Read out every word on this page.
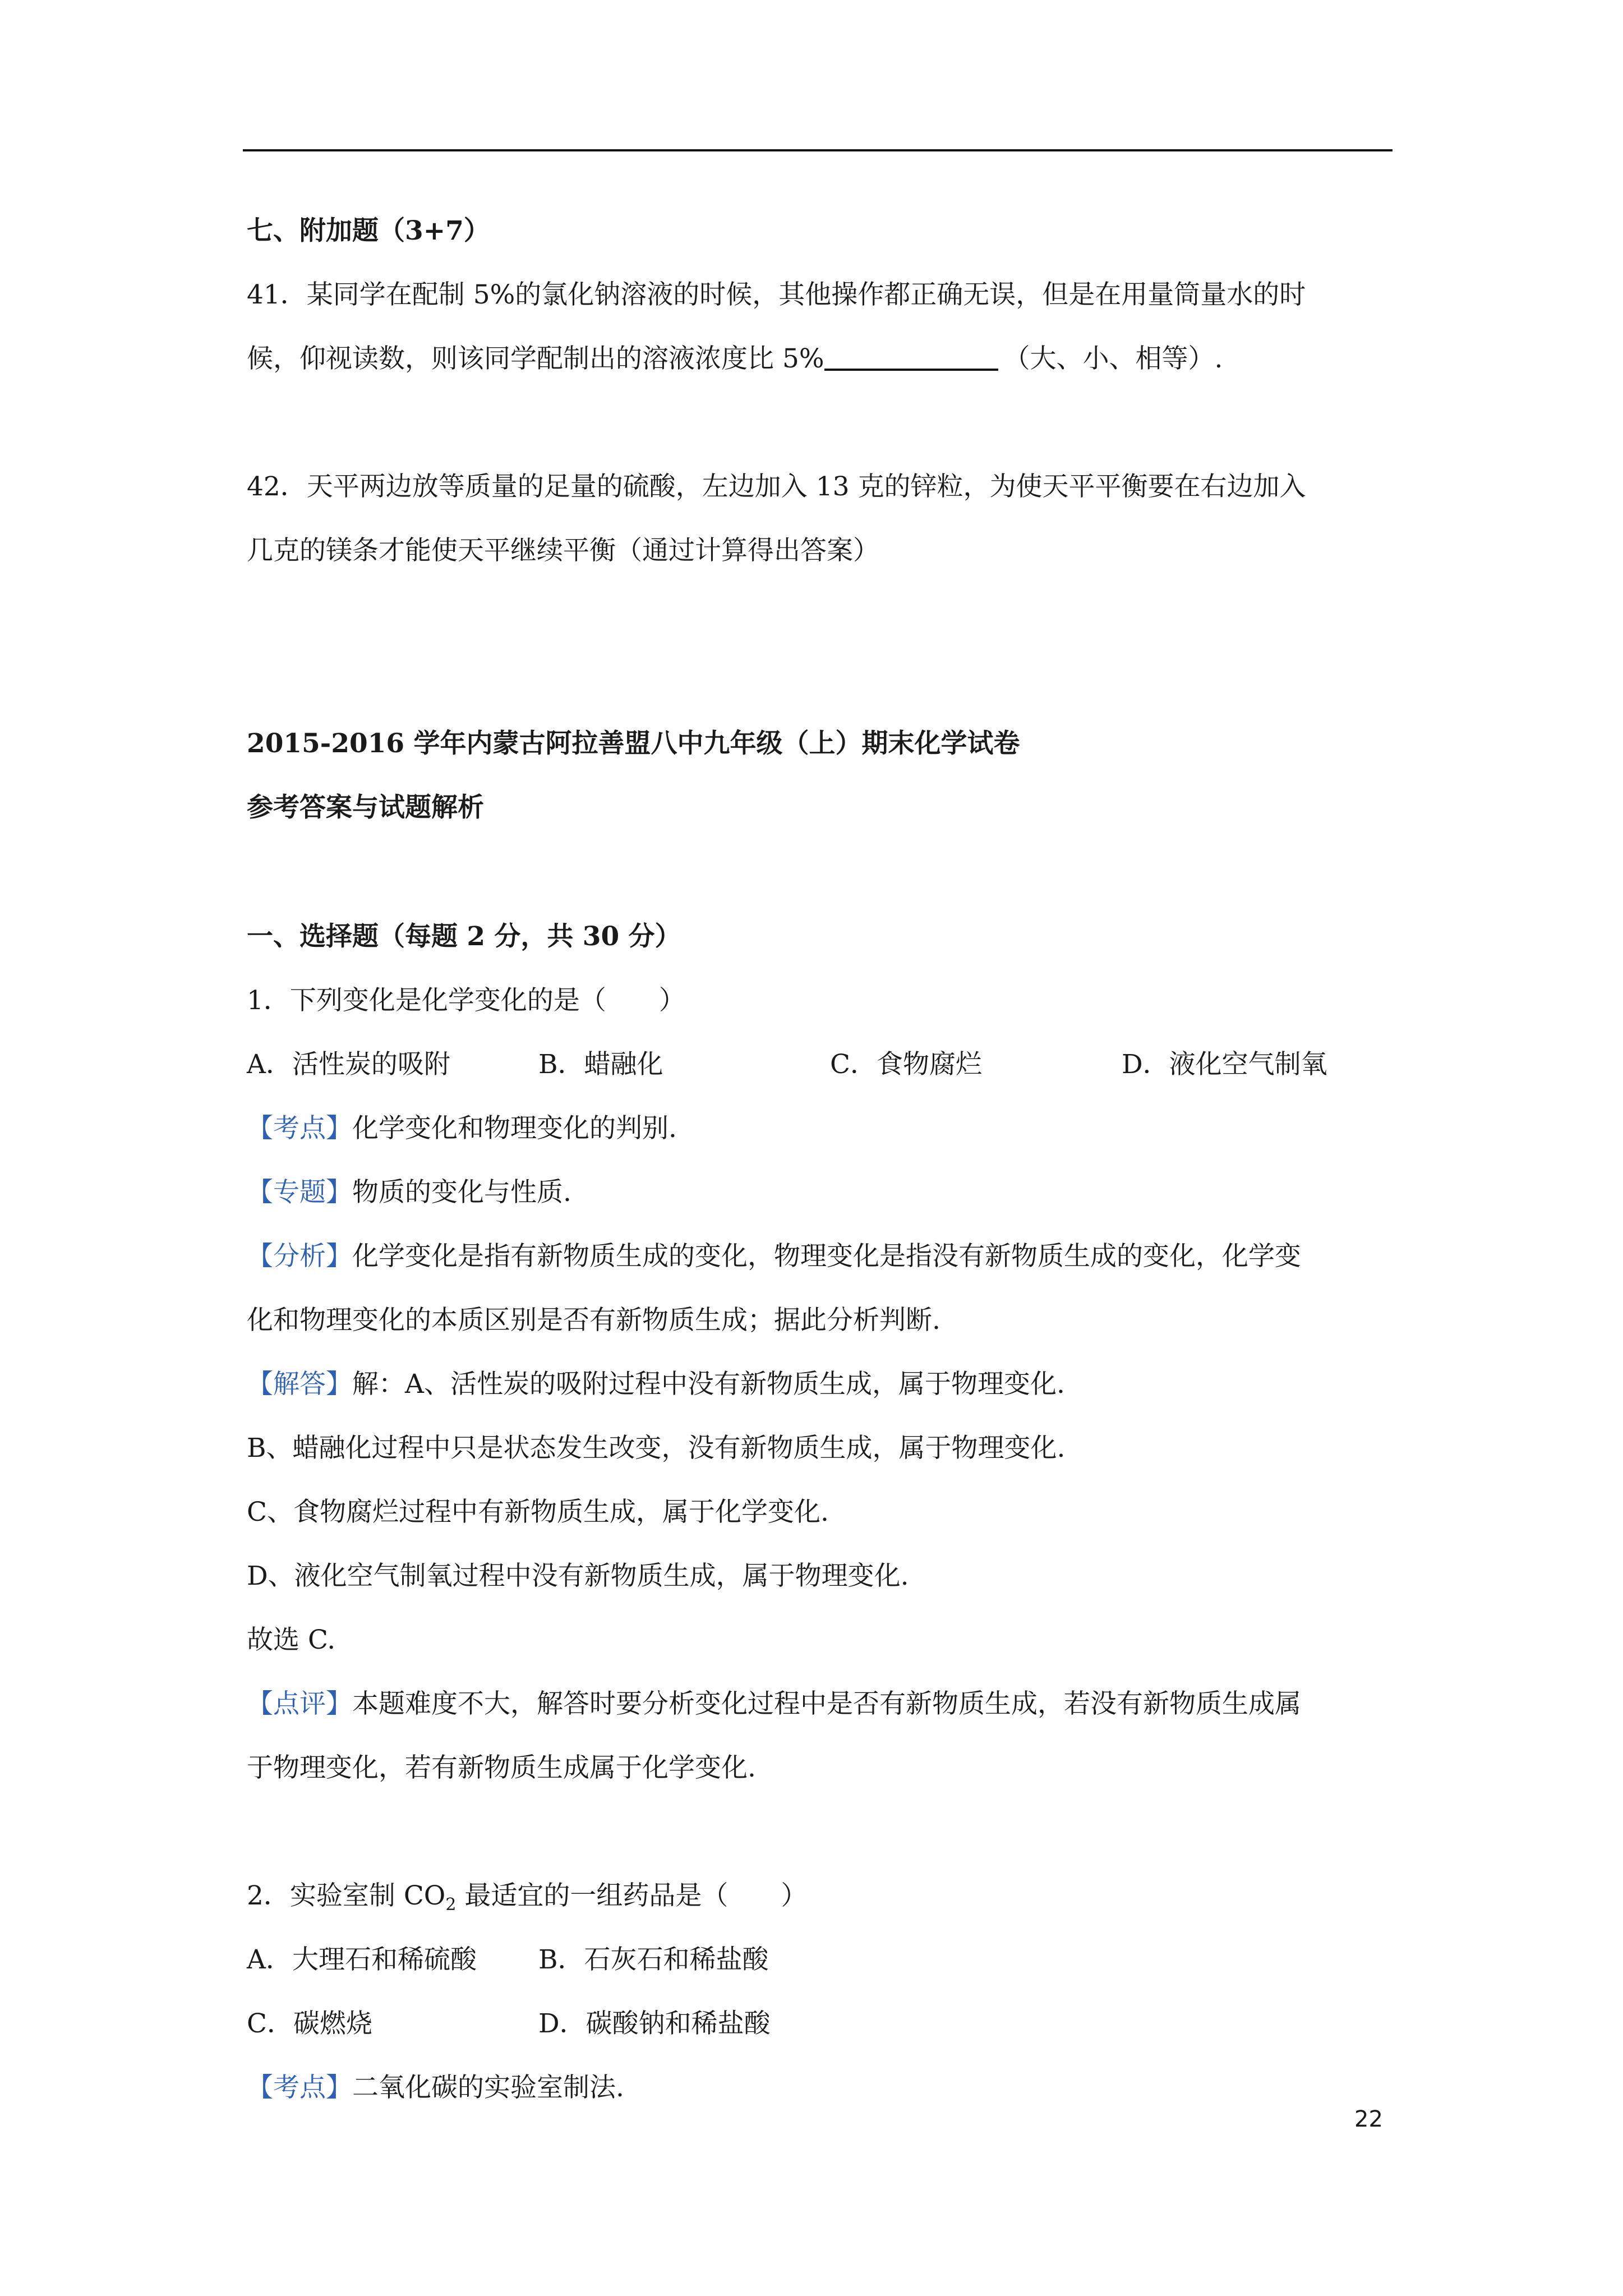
七、附加题（3+7）
41．某同学在配制 5%的氯化钠溶液的时候，其他操作都正确无误，但是在用量筒量水的时
候，仰视读数，则该同学配制出的溶液浓度比 5%	（大、小、相等）.
42．天平两边放等质量的足量的硫酸，左边加入 13 克的锌粒，为使天平平衡要在右边加入
几克的镁条才能使天平继续平衡（通过计算得出答案）
2015-2016 学年内蒙古阿拉善盟八中九年级（上）期末化学试卷
参考答案与试题解析
一、选择题（每题 2 分，共 30 分）
1．下列变化是化学变化的是（　　）
A．活性炭的吸附	B．蜡融化	C．食物腐烂	D．液化空气制氧
【考点】化学变化和物理变化的判别.
【专题】物质的变化与性质.
【分析】化学变化是指有新物质生成的变化，物理变化是指没有新物质生成的变化，化学变
化和物理变化的本质区别是否有新物质生成；据此分析判断.
【解答】解：A、活性炭的吸附过程中没有新物质生成，属于物理变化.
B、蜡融化过程中只是状态发生改变，没有新物质生成，属于物理变化.
C、食物腐烂过程中有新物质生成，属于化学变化.
D、液化空气制氧过程中没有新物质生成，属于物理变化.
故选 C.
【点评】本题难度不大，解答时要分析变化过程中是否有新物质生成，若没有新物质生成属
于物理变化，若有新物质生成属于化学变化.
2．实验室制 $CO_2$ 最适宜的一组药品是（　　）
A．大理石和稀硫酸 B．石灰石和稀盐酸
C．碳燃烧	D．碳酸钠和稀盐酸
【考点】二氧化碳的实验室制法.
22
